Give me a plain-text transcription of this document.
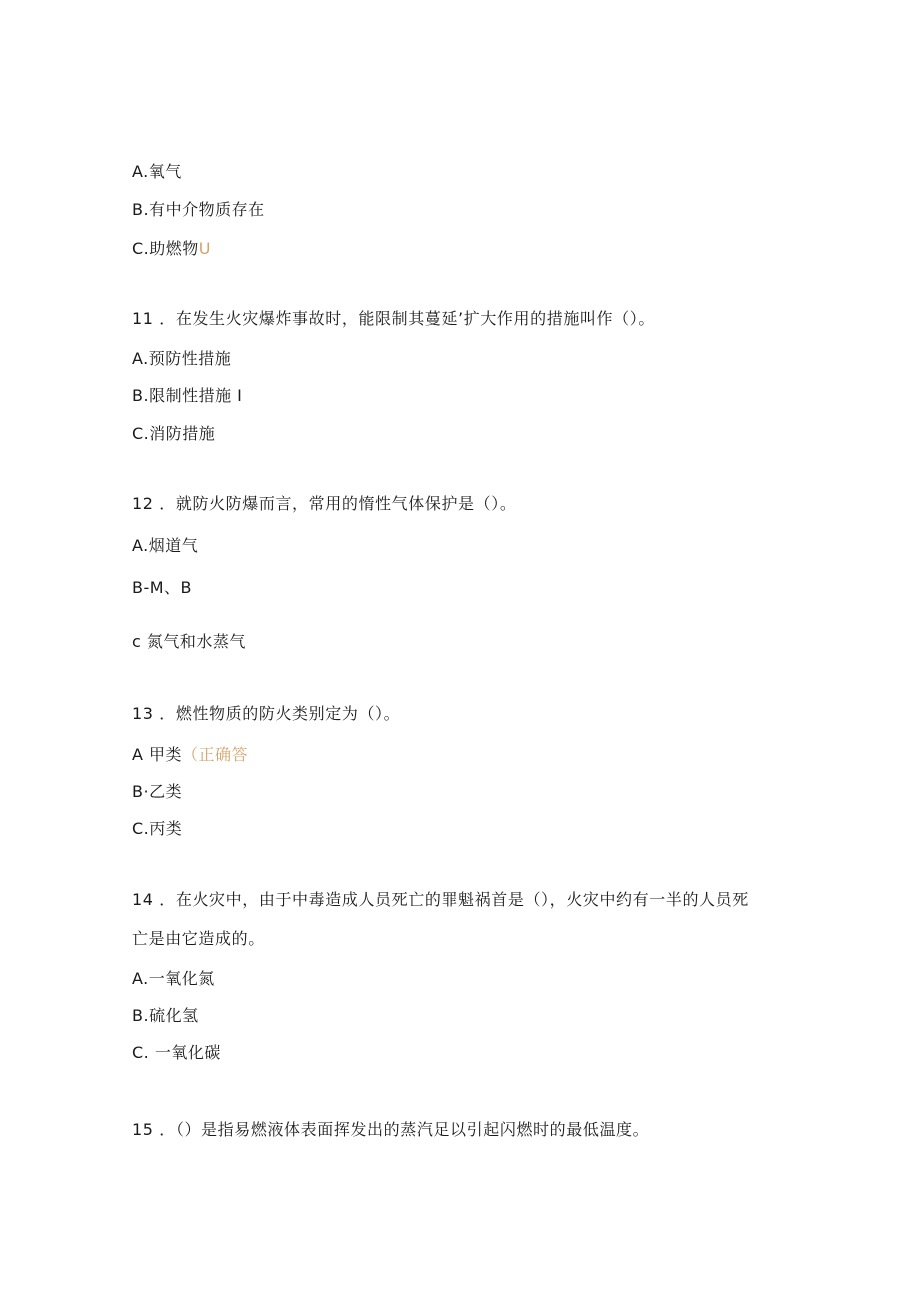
A.氧气
B.有中介物质存在
C.助燃物U
11 ．在发生火灾爆炸事故时，能限制其蔓延’扩大作用的措施叫作（）。
A.预防性措施
B.限制性措施 I
C.消防措施
12 ．就防火防爆而言，常用的惰性气体保护是（）。
A.烟道气
B-M、B
c 氮气和水蒸气
13 ．燃性物质的防火类别定为（）。
A 甲类（正确答
B·乙类
C.丙类
14 ．在火灾中，由于中毒造成人员死亡的罪魁祸首是（），火灾中约有一半的人员死
亡是由它造成的。
A.一氧化氮
B.硫化氢
C. 一氧化碳
15 ．（）是指易燃液体表面挥发出的蒸汽足以引起闪燃时的最低温度。
